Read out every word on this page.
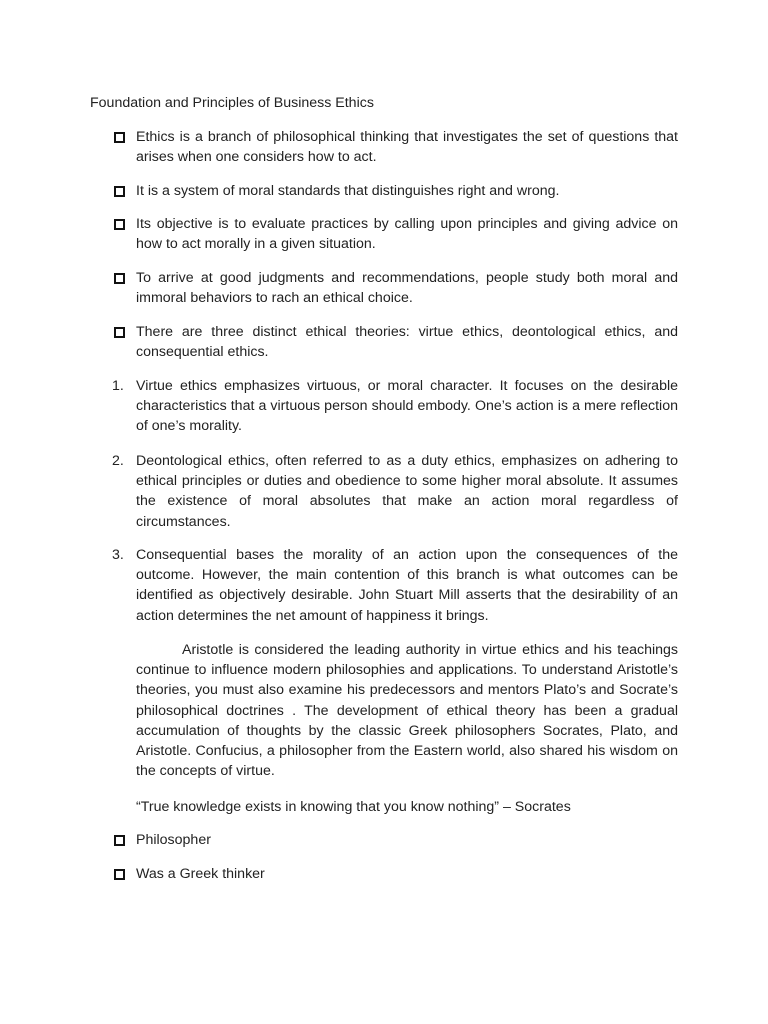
Foundation and Principles of Business Ethics
Ethics is a branch of philosophical thinking that investigates the set of questions that arises when one considers how to act.
It is a system of moral standards that distinguishes right and wrong.
Its objective is to evaluate practices by calling upon principles and giving advice on how to act morally in a given situation.
To arrive at good judgments and recommendations, people study both moral and immoral behaviors to rach an ethical choice.
There are three distinct ethical theories: virtue ethics, deontological ethics, and consequential ethics.
1. Virtue ethics emphasizes virtuous, or moral character. It focuses on the desirable characteristics that a virtuous person should embody. One’s action is a mere reflection of one’s morality.
2. Deontological ethics, often referred to as a duty ethics, emphasizes on adhering to ethical principles or duties and obedience to some higher moral absolute. It assumes the existence of moral absolutes that make an action moral regardless of circumstances.
3. Consequential bases the morality of an action upon the consequences of the outcome. However, the main contention of this branch is what outcomes can be identified as objectively desirable. John Stuart Mill asserts that the desirability of an action determines the net amount of happiness it brings.
Aristotle is considered the leading authority in virtue ethics and his teachings continue to influence modern philosophies and applications. To understand Aristotle’s theories, you must also examine his predecessors and mentors Plato’s and Socrate’s philosophical doctrines . The development of ethical theory has been a gradual accumulation of thoughts by the classic Greek philosophers Socrates, Plato, and Aristotle. Confucius, a philosopher from the Eastern world, also shared his wisdom on the concepts of virtue.
“True knowledge exists in knowing that you know nothing” – Socrates
Philosopher
Was a Greek thinker
